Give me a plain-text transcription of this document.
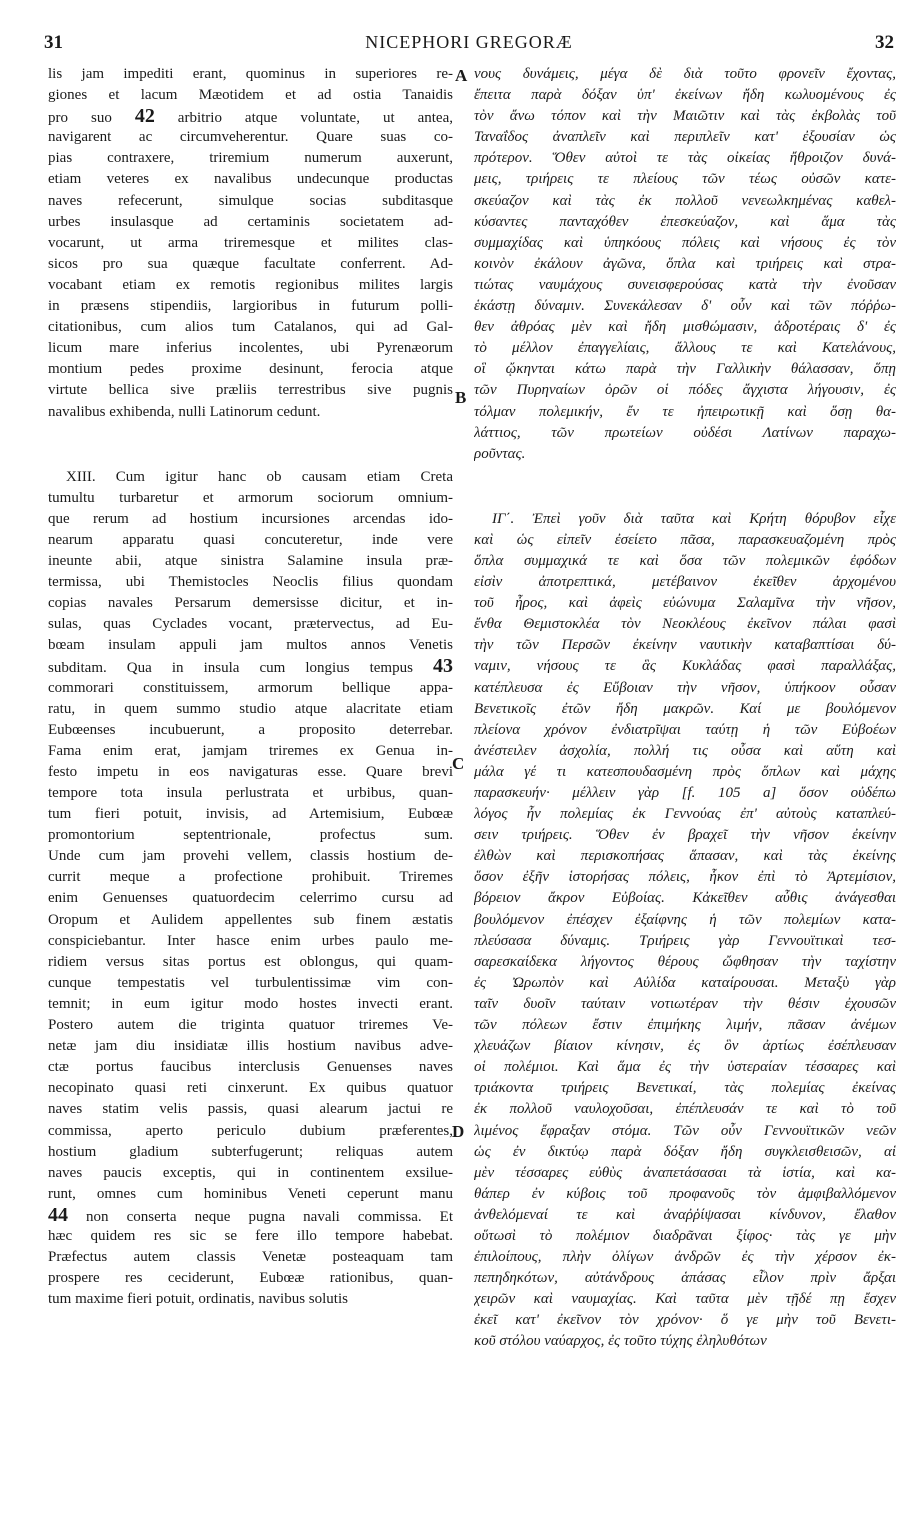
31	NICEPHORI GREGORÆ	32
lis jam impediti erant, quominus in superiores re-
giones et lacum Mæotidem et ad ostia Tanaidis
pro suo 42 arbitrio atque voluntate, ut antea,
navigarent ac circumveherentur. Quare suas co-
pias contraxere, triremium numerum auxerunt,
etiam veteres ex navalibus undecunque productas
naves refecerunt, simulque socias subditasque
urbes insulasque ad certaminis societatem ad-
vocarunt, ut arma triremesque et milites clas-
sicos pro sua quæque facultate conferrent. Ad-
vocabant etiam ex remotis regionibus milites largis
in præsens stipendiis, largioribus in futurum polli-
citationibus, cum alios tum Catalanos, qui ad Gal-
licum mare inferius incolentes, ubi Pyrenæorum
montium pedes proxime desinunt, ferocia atque
virtute bellica sive præliis terrestribus sive pugnis
navalibus exhibenda, nulli Latinorum cedunt.
XIII. Cum igitur hanc ob causam etiam Creta
tumultu turbaretur et armorum sociorum omnium-
que rerum ad hostium incursiones arcendas ido-
nearum apparatu quasi concuteretur, inde vere
ineunte abii, atque sinistra Salamine insula præ-
termissa, ubi Themistocles Neoclis filius quondam
copias navales Persarum demersisse dicitur, et in-
sulas, quas Cyclades vocant, prætervectus, ad Eu-
bœam insulam appuli jam multos annos Venetis
subditam. Qua in insula cum longius tempus 43
commorari constituissem, armorum bellique appa-
ratu, in quem summo studio atque alacritate etiam
Eubœenses incubuerunt, a proposito deterrebar.
Fama enim erat, jamjam triremes ex Genua in-
festo impetu in eos navigaturas esse. Quare brevi
tempore tota insula perlustrata et urbibus, quan-
tum fieri potuit, invisis, ad Artemisium, Eubœæ
promontorium septentrionale, profectus sum.
Unde cum jam provehi vellem, classis hostium de-
currit meque a profectione prohibuit. Triremes
enim Genuenses quatuordecim celerrimo cursu ad
Oropum et Aulidem appellentes sub finem æstatis
conspiciebantur. Inter hasce enim urbes paulo me-
ridiem versus sitas portus est oblongus, qui quam-
cunque tempestatis vel turbulentissimæ vim con-
temnit; in eum igitur modo hostes invecti erant.
Postero autem die triginta quatuor triremes Ve-
netæ jam diu insidiatæ illis hostium navibus adve-
ctæ portus faucibus interclusis Genuenses naves
necopinato quasi reti cinxerunt. Ex quibus quatuor
naves statim velis passis, quasi alearum jactui re
commissa, aperto periculo dubium præferentes,
hostium gladium subterfugerunt; reliquas autem
naves paucis exceptis, qui in continentem exsilue-
runt, omnes cum hominibus Veneti ceperunt manu
44 non conserta neque pugna navali commissa. Et
hæc quidem res sic se fere illo tempore habebat.
Præfectus autem classis Venetæ posteaquam tam
prospere res ceciderunt, Eubœæ rationibus, quan-
tum maxime fieri potuit, ordinatis, navibus solutis
νους δυνάμεις, μέγα δὲ διὰ τοῦτο φρονεῖν ἔχοντας,
ἔπειτα παρὰ δόξαν ὑπ' ἐκείνων ἤδη κωλυομένους ἐς
τὸν ἄνω τόπον καὶ τὴν Μαιῶτιν καὶ τὰς ἐκβολὰς τοῦ
Ταναΐδος ἀναπλεῖν καὶ περιπλεῖν κατ' ἐξουσίαν ὡς
πρότερον. Ὅθεν αὐτοὶ τε τὰς οἰκείας ἤθροιζον δυνά-
μεις, τριήρεις τε πλείους τῶν τέως οὐσῶν κατε-
σκεύαζον καὶ τὰς ἐκ πολλοῦ νενεωλκημένας καθελ-
κύσαντες πανταχόθεν ἐπεσκεύαζον, καὶ ἅμα τὰς
συμμαχίδας καὶ ὑπηκόους πόλεις καὶ νήσους ἐς τὸν
κοινὸν ἐκάλουν ἀγῶνα, ὅπλα καὶ τριήρεις καὶ στρα-
τιώτας ναυμάχους συνεισφερούσας κατὰ τὴν ἐνοῦσαν
ἑκάστῃ δύναμιν. Συνεκάλεσαν δ' οὖν καὶ τῶν πόῤῥω-
θεν ἀθρόας μὲν καὶ ἤδη μισθώμασιν, ἀδροτέραις δ' ἐς
τὸ μέλλον ἐπαγγελίαις, ἄλλους τε καὶ Κατελάνους,
οἳ ᾤκηνται κάτω παρὰ τὴν Γαλλικὴν θάλασσαν, ὅπῃ
τῶν Πυρηναίων ὀρῶν οἱ πόδες ἄγχιστα λήγουσιν, ἐς
τόλμαν πολεμικήν, ἔν τε ἠπειρωτικῇ καὶ ὅσῃ θα-
λάττιος, τῶν πρωτείων οὐδέσι Λατίνων παραχω-
ροῦντας.
ΙΓ΄. Ἐπεὶ γοῦν διὰ ταῦτα καὶ Κρήτη θόρυβον εἶχε
καὶ ὡς εἰπεῖν ἐσείετο πᾶσα, παρασκευαζομένη πρὸς
ὅπλα συμμαχικά τε καὶ ὅσα τῶν πολεμικῶν ἐφόδων
εἰσὶν ἀποτρεπτικά, μετέβαινον ἐκεῖθεν ἀρχομένου
τοῦ ἦρος, καὶ ἀφεὶς εὐώνυμα Σαλαμῖνα τὴν νῆσον,
ἔνθα Θεμιστοκλέα τὸν Νεοκλέους ἐκεῖνον πάλαι φασὶ
τὴν τῶν Περσῶν ἐκείνην ναυτικὴν καταβαπτίσαι δύ-
ναμιν, νήσους τε ἃς Κυκλάδας φασὶ παραλλάξας,
κατέπλευσα ἐς Εὔβοιαν τὴν νῆσον, ὑπήκοον οὖσαν
Βενετικοῖς ἐτῶν ἤδη μακρῶν. Καί με βουλόμενον
πλείονα χρόνον ἐνδιατρῖψαι ταύτῃ ἡ τῶν Εὐβοέων
ἀνέστειλεν ἀσχολία, πολλή τις οὖσα καὶ αὕτη καὶ
μάλα γέ τι κατεσπουδασμένη πρὸς ὅπλων καὶ μάχης
παρασκευήν· μέλλειν γὰρ [f. 105 a] ὅσον οὐδέπω
λόγος ἦν πολεμίας ἐκ Γεννούας ἐπ' αὐτοὺς καταπλεύ-
σειν τριήρεις. Ὅθεν ἐν βραχεῖ τὴν νῆσον ἐκείνην
ἐλθὼν καὶ περισκοπήσας ἅπασαν, καὶ τὰς ἐκείνης
ὅσον ἐξῆν ἱστορήσας πόλεις, ἧκον ἐπὶ τὸ Ἀρτεμίσιον,
βόρειον ἄκρον Εὐβοίας. Κἀκεῖθεν αὖθις ἀνάγεσθαι
βουλόμενον ἐπέσχεν ἐξαίφνης ἡ τῶν πολεμίων κατα-
πλεύσασα δύναμις. Τριήρεις γὰρ Γεννουϊτικαὶ τεσ-
σαρεσκαίδεκα λήγοντος θέρους ὤφθησαν τὴν ταχίστην
ἐς Ὠρωπὸν καὶ Αὐλίδα καταίρουσαι. Μεταξὺ γὰρ
ταῖν δυοῖν ταύταιν νοτιωτέραν τὴν θέσιν ἐχουσῶν
τῶν πόλεων ἔστιν ἐπιμήκης λιμήν, πᾶσαν ἀνέμων
χλευάζων βίαιον κίνησιν, ἐς ὃν ἀρτίως ἐσέπλευσαν
οἱ πολέμιοι. Καὶ ἅμα ἐς τὴν ὑστεραίαν τέσσαρες καὶ
τριάκοντα τριήρεις Βενετικαί, τὰς πολεμίας ἐκείνας
ἐκ πολλοῦ ναυλοχοῦσαι, ἐπέπλευσάν τε καὶ τὸ τοῦ
λιμένος ἔφραξαν στόμα. Τῶν οὖν Γεννουϊτικῶν νεῶν
ὡς ἐν δικτύῳ παρὰ δόξαν ἤδη συγκλεισθεισῶν, αἱ
μὲν τέσσαρες εὐθὺς ἀναπετάσασαι τὰ ἱστία, καὶ κα-
θάπερ ἐν κύβοις τοῦ προφανοῦς τὸν ἀμφιβαλλόμενον
ἀνθελόμεναί τε καὶ ἀναῤῥίψασαι κίνδυνον, ἔλαθον
οὕτωσὶ τὸ πολέμιον διαδρᾶναι ξίφος· τὰς γε μὴν
ἐπιλοίπους, πλὴν ὀλίγων ἀνδρῶν ἐς τὴν χέρσον ἐκ-
πεπηδηκότων, αὐτάνδρους ἁπάσας εἷλον πρὶν ἄρξαι
χειρῶν καὶ ναυμαχίας. Καὶ ταῦτα μὲν τῇδέ πῃ ἔσχεν
ἐκεῖ κατ' ἐκεῖνον τὸν χρόνον· ὅ γε μὴν τοῦ Βενετι-
κοῦ στόλου ναύαρχος, ἐς τοῦτο τύχης ἐληλυθότων
A
B
C
D
